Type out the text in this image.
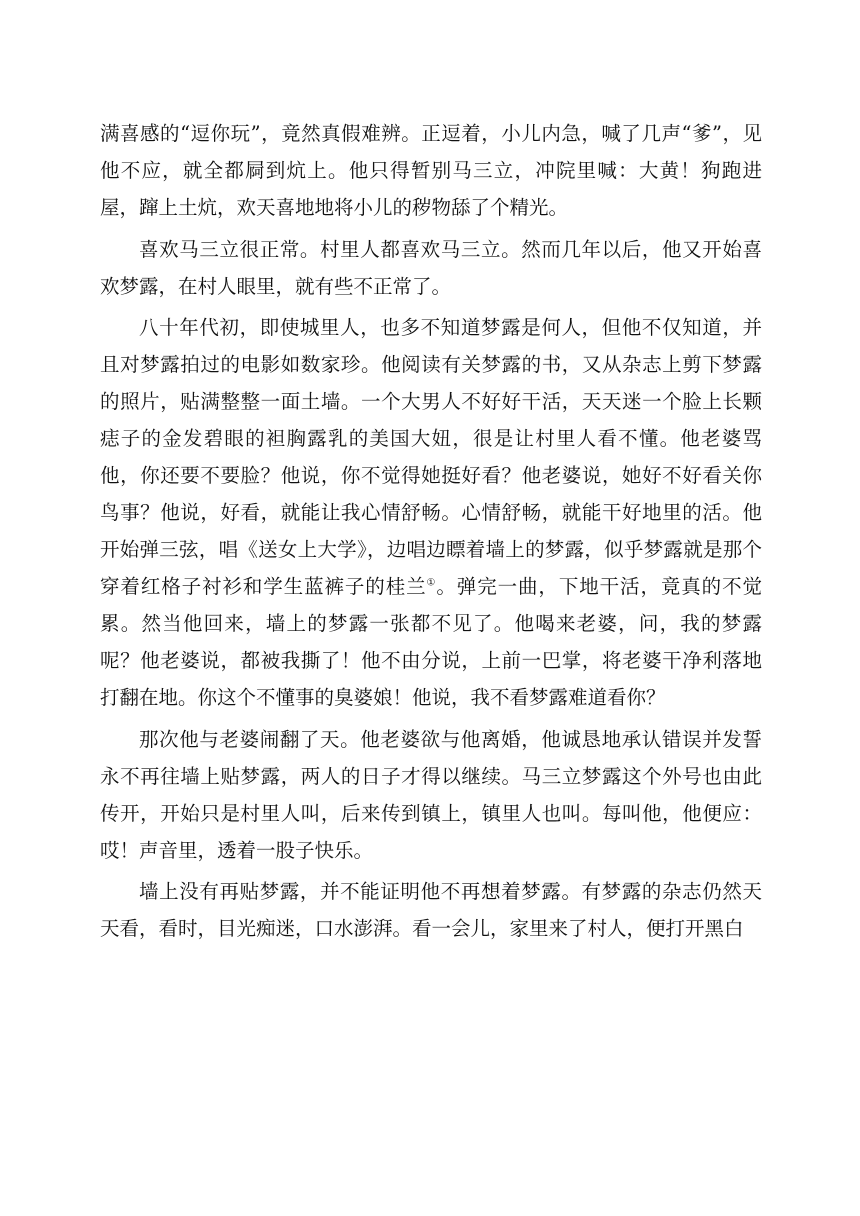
满喜感的“逗你玩”，竟然真假难辨。正逗着，小儿内急，喊了几声“爹”，见他不应，就全都屙到炕上。他只得暂别马三立，冲院里喊：大黄！狗跑进屋，蹿上土炕，欢天喜地地将小儿的秽物舔了个精光。

喜欢马三立很正常。村里人都喜欢马三立。然而几年以后，他又开始喜欢梦露，在村人眼里，就有些不正常了。

八十年代初，即使城里人，也多不知道梦露是何人，但他不仅知道，并且对梦露拍过的电影如数家珍。他阅读有关梦露的书，又从杂志上剪下梦露的照片，贴满整整一面土墙。一个大男人不好好干活，天天迷一个脸上长颗痣子的金发碧眼的袒胸露乳的美国大妞，很是让村里人看不懂。他老婆骂他，你还要不要脸？他说，你不觉得她挺好看？他老婆说，她好不好看关你鸟事？他说，好看，就能让我心情舒畅。心情舒畅，就能干好地里的活。他开始弹三弦，唱《送女上大学》，边唱边瞟着墙上的梦露，似乎梦露就是那个穿着红格子衬衫和学生蓝裤子的桂兰①。弹完一曲，下地干活，竟真的不觉累。然当他回来，墙上的梦露一张都不见了。他喝来老婆，问，我的梦露呢？他老婆说，都被我撕了！他不由分说，上前一巴掌，将老婆干净利落地打翻在地。你这个不懂事的臭婆娘！他说，我不看梦露难道看你？

那次他与老婆闹翻了天。他老婆欲与他离婚，他诚恳地承认错误并发誓永不再往墙上贴梦露，两人的日子才得以继续。马三立梦露这个外号也由此传开，开始只是村里人叫，后来传到镇上，镇里人也叫。每叫他，他便应：哎！声音里，透着一股子快乐。

墙上没有再贴梦露，并不能证明他不再想着梦露。有梦露的杂志仍然天天看，看时，目光痴迷，口水澎湃。看一会儿，家里来了村人，便打开黑白
